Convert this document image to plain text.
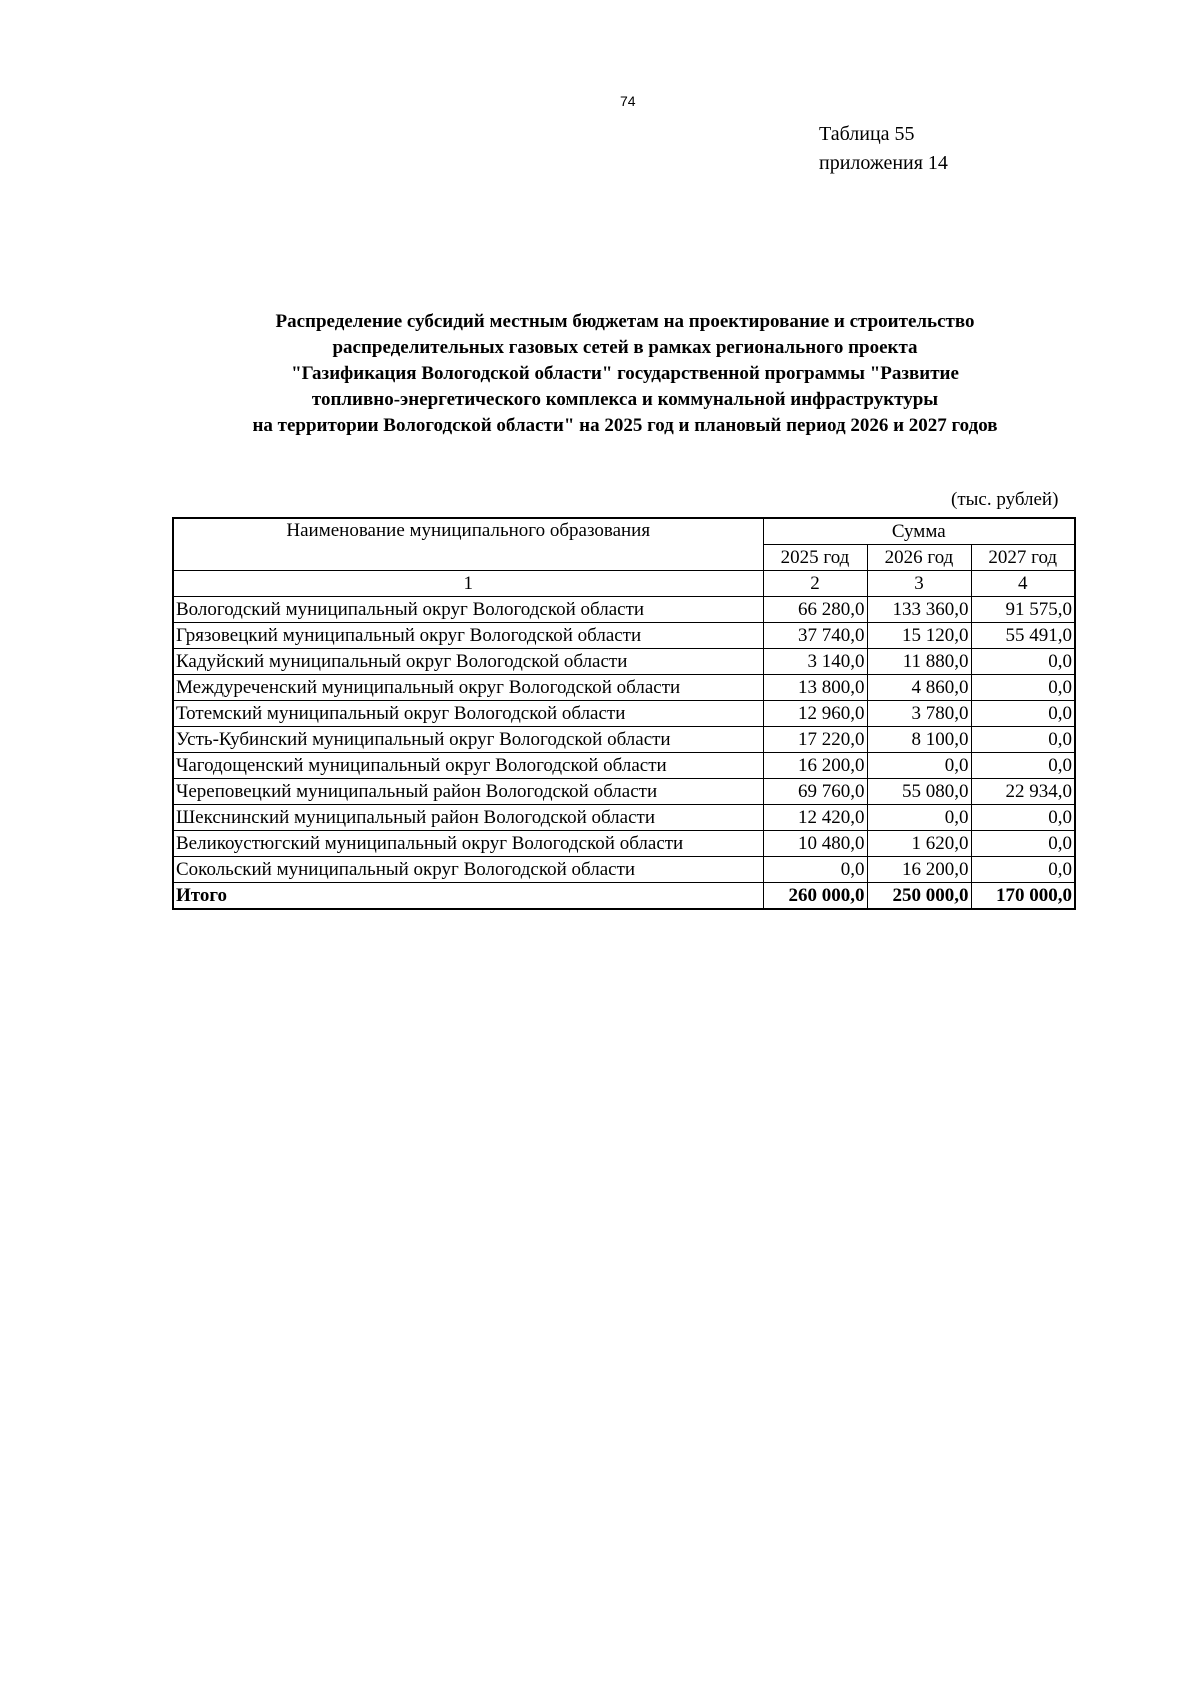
74
Таблица 55
приложения 14
Распределение субсидий местным бюджетам на проектирование и строительство
распределительных газовых сетей в рамках регионального проекта
"Газификация Вологодской области" государственной программы "Развитие
топливно-энергетического комплекса и коммунальной инфраструктуры
на территории Вологодской области" на 2025 год и плановый период 2026 и 2027 годов
(тыс. рублей)
Наименование муниципального образования	Сумма		
	2025 год	2026 год	2027 год
1	2	3	4
Вологодский муниципальный округ Вологодской области	66 280,0	133 360,0	91 575,0
Грязовецкий муниципальный округ Вологодской области	37 740,0	15 120,0	55 491,0
Кадуйский муниципальный округ Вологодской области	3 140,0	11 880,0	0,0
Междуреченский муниципальный округ Вологодской области	13 800,0	4 860,0	0,0
Тотемский муниципальный округ Вологодской области	12 960,0	3 780,0	0,0
Усть-Кубинский муниципальный округ Вологодской области	17 220,0	8 100,0	0,0
Чагодощенский муниципальный округ Вологодской области	16 200,0	0,0	0,0
Череповецкий муниципальный район Вологодской области	69 760,0	55 080,0	22 934,0
Шекснинский муниципальный район Вологодской области	12 420,0	0,0	0,0
Великоустюгский муниципальный округ Вологодской области	10 480,0	1 620,0	0,0
Сокольский муниципальный округ Вологодской области	0,0	16 200,0	0,0
Итого	260 000,0	250 000,0	170 000,0
